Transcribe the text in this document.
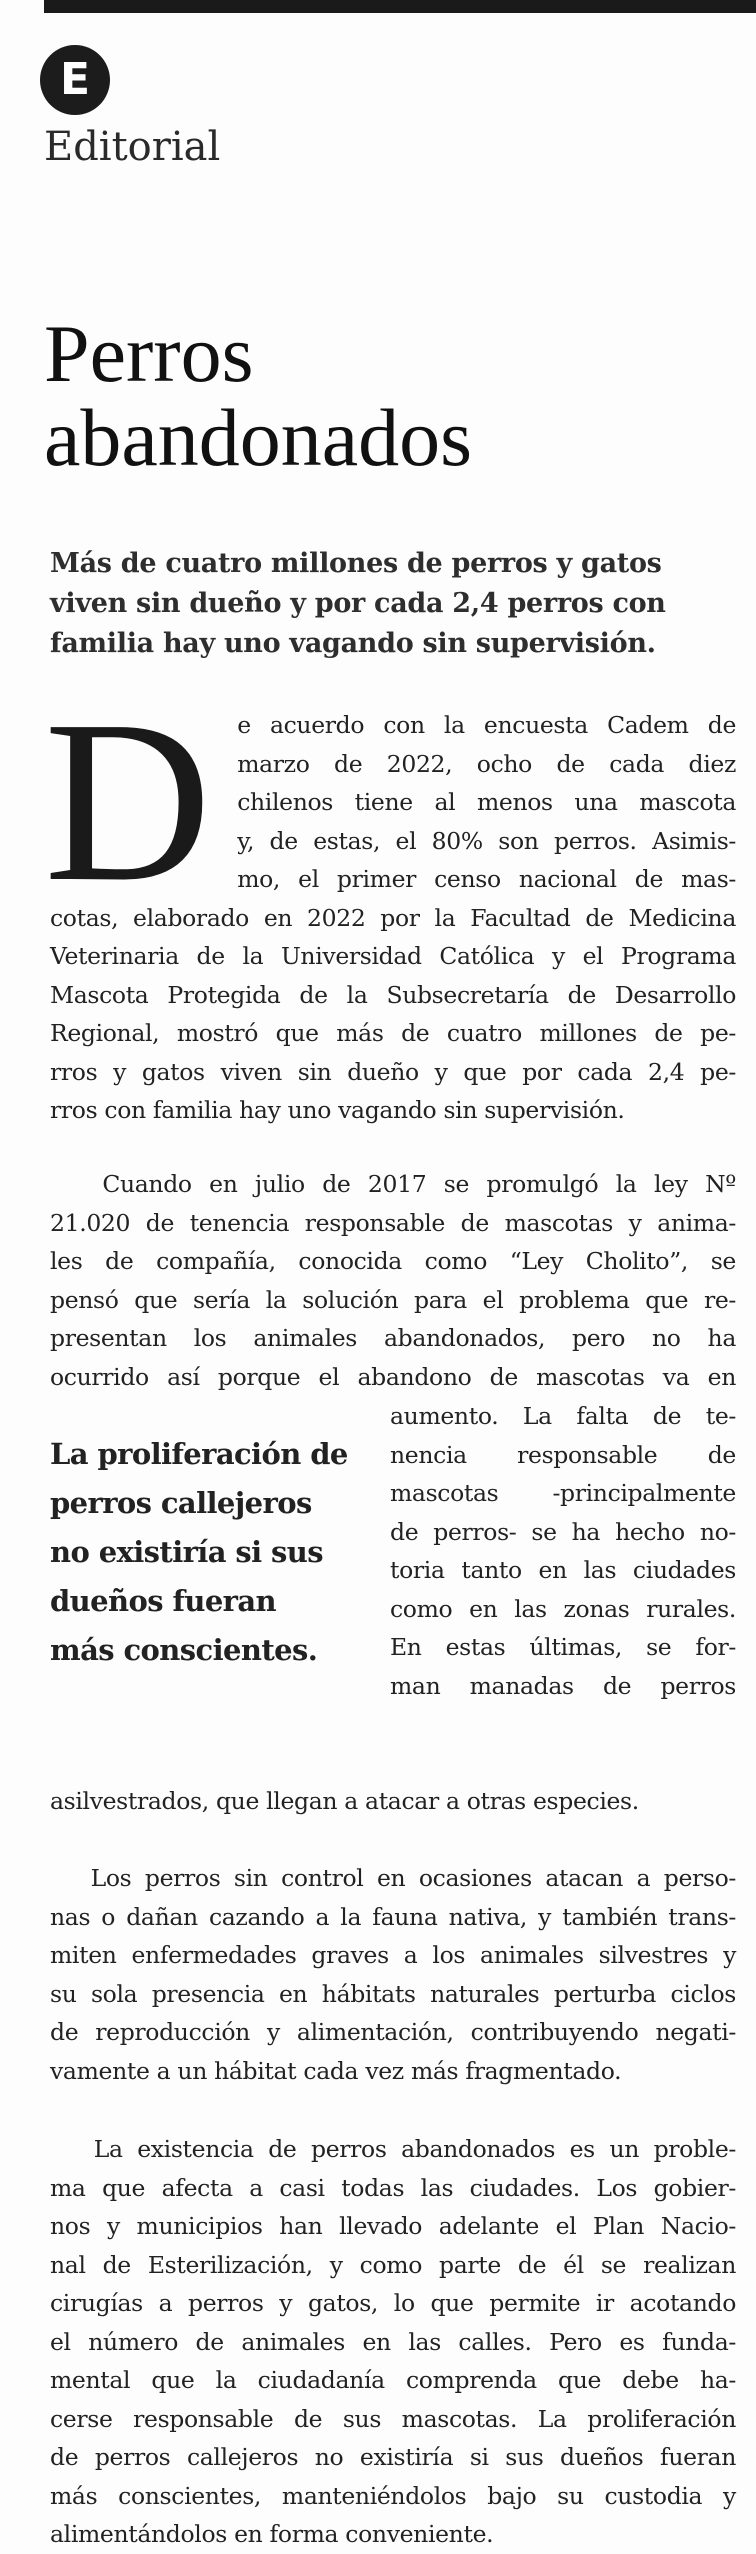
E
Editorial
Perros
abandonados

Más de cuatro millones de perros y gatos viven sin dueño y por cada 2,4 perros con familia hay uno vagando sin supervisión.

D	e acuerdo con la encuesta Cadem de
marzo de 2022, ocho de cada diez
chilenos tiene al menos una mascota
y, de estas, el 80% son perros. Asimis-
mo, el primer censo nacional de mas-
cotas, elaborado en 2022 por la Facultad de Medicina
Veterinaria de la Universidad Católica y el Programa
Mascota Protegida de la Subsecretaría de Desarrollo
Regional, mostró que más de cuatro millones de pe-
rros y gatos viven sin dueño y que por cada 2,4 pe-
rros con familia hay uno vagando sin supervisión.
Cuando en julio de 2017 se promulgó la ley Nº
21.020 de tenencia responsable de mascotas y anima-
les de compañía, conocida como “Ley Cholito”, se
pensó que sería la solución para el problema que re-
presentan los animales abandonados, pero no ha
ocurrido así porque el abandono de mascotas va en
aumento. La falta de te-
nencia responsable de
mascotas -principalmente
de perros- se ha hecho no-
toria tanto en las ciudades
como en las zonas rurales.
En estas últimas, se for-
man manadas de perros
La proliferación de
perros callejeros
no existiría si sus
dueños fueran
más conscientes.
asilvestrados, que llegan a atacar a otras especies.
Los perros sin control en ocasiones atacan a perso-
nas o dañan cazando a la fauna nativa, y también trans-
miten enfermedades graves a los animales silvestres y
su sola presencia en hábitats naturales perturba ciclos
de reproducción y alimentación, contribuyendo negati-
vamente a un hábitat cada vez más fragmentado.
La existencia de perros abandonados es un proble-
ma que afecta a casi todas las ciudades. Los gobier-
nos y municipios han llevado adelante el Plan Nacio-
nal de Esterilización, y como parte de él se realizan
cirugías a perros y gatos, lo que permite ir acotando
el número de animales en las calles. Pero es funda-
mental que la ciudadanía comprenda que debe ha-
cerse responsable de sus mascotas. La proliferación
de perros callejeros no existiría si sus dueños fueran
más conscientes, manteniéndolos bajo su custodia y
alimentándolos en forma conveniente.
